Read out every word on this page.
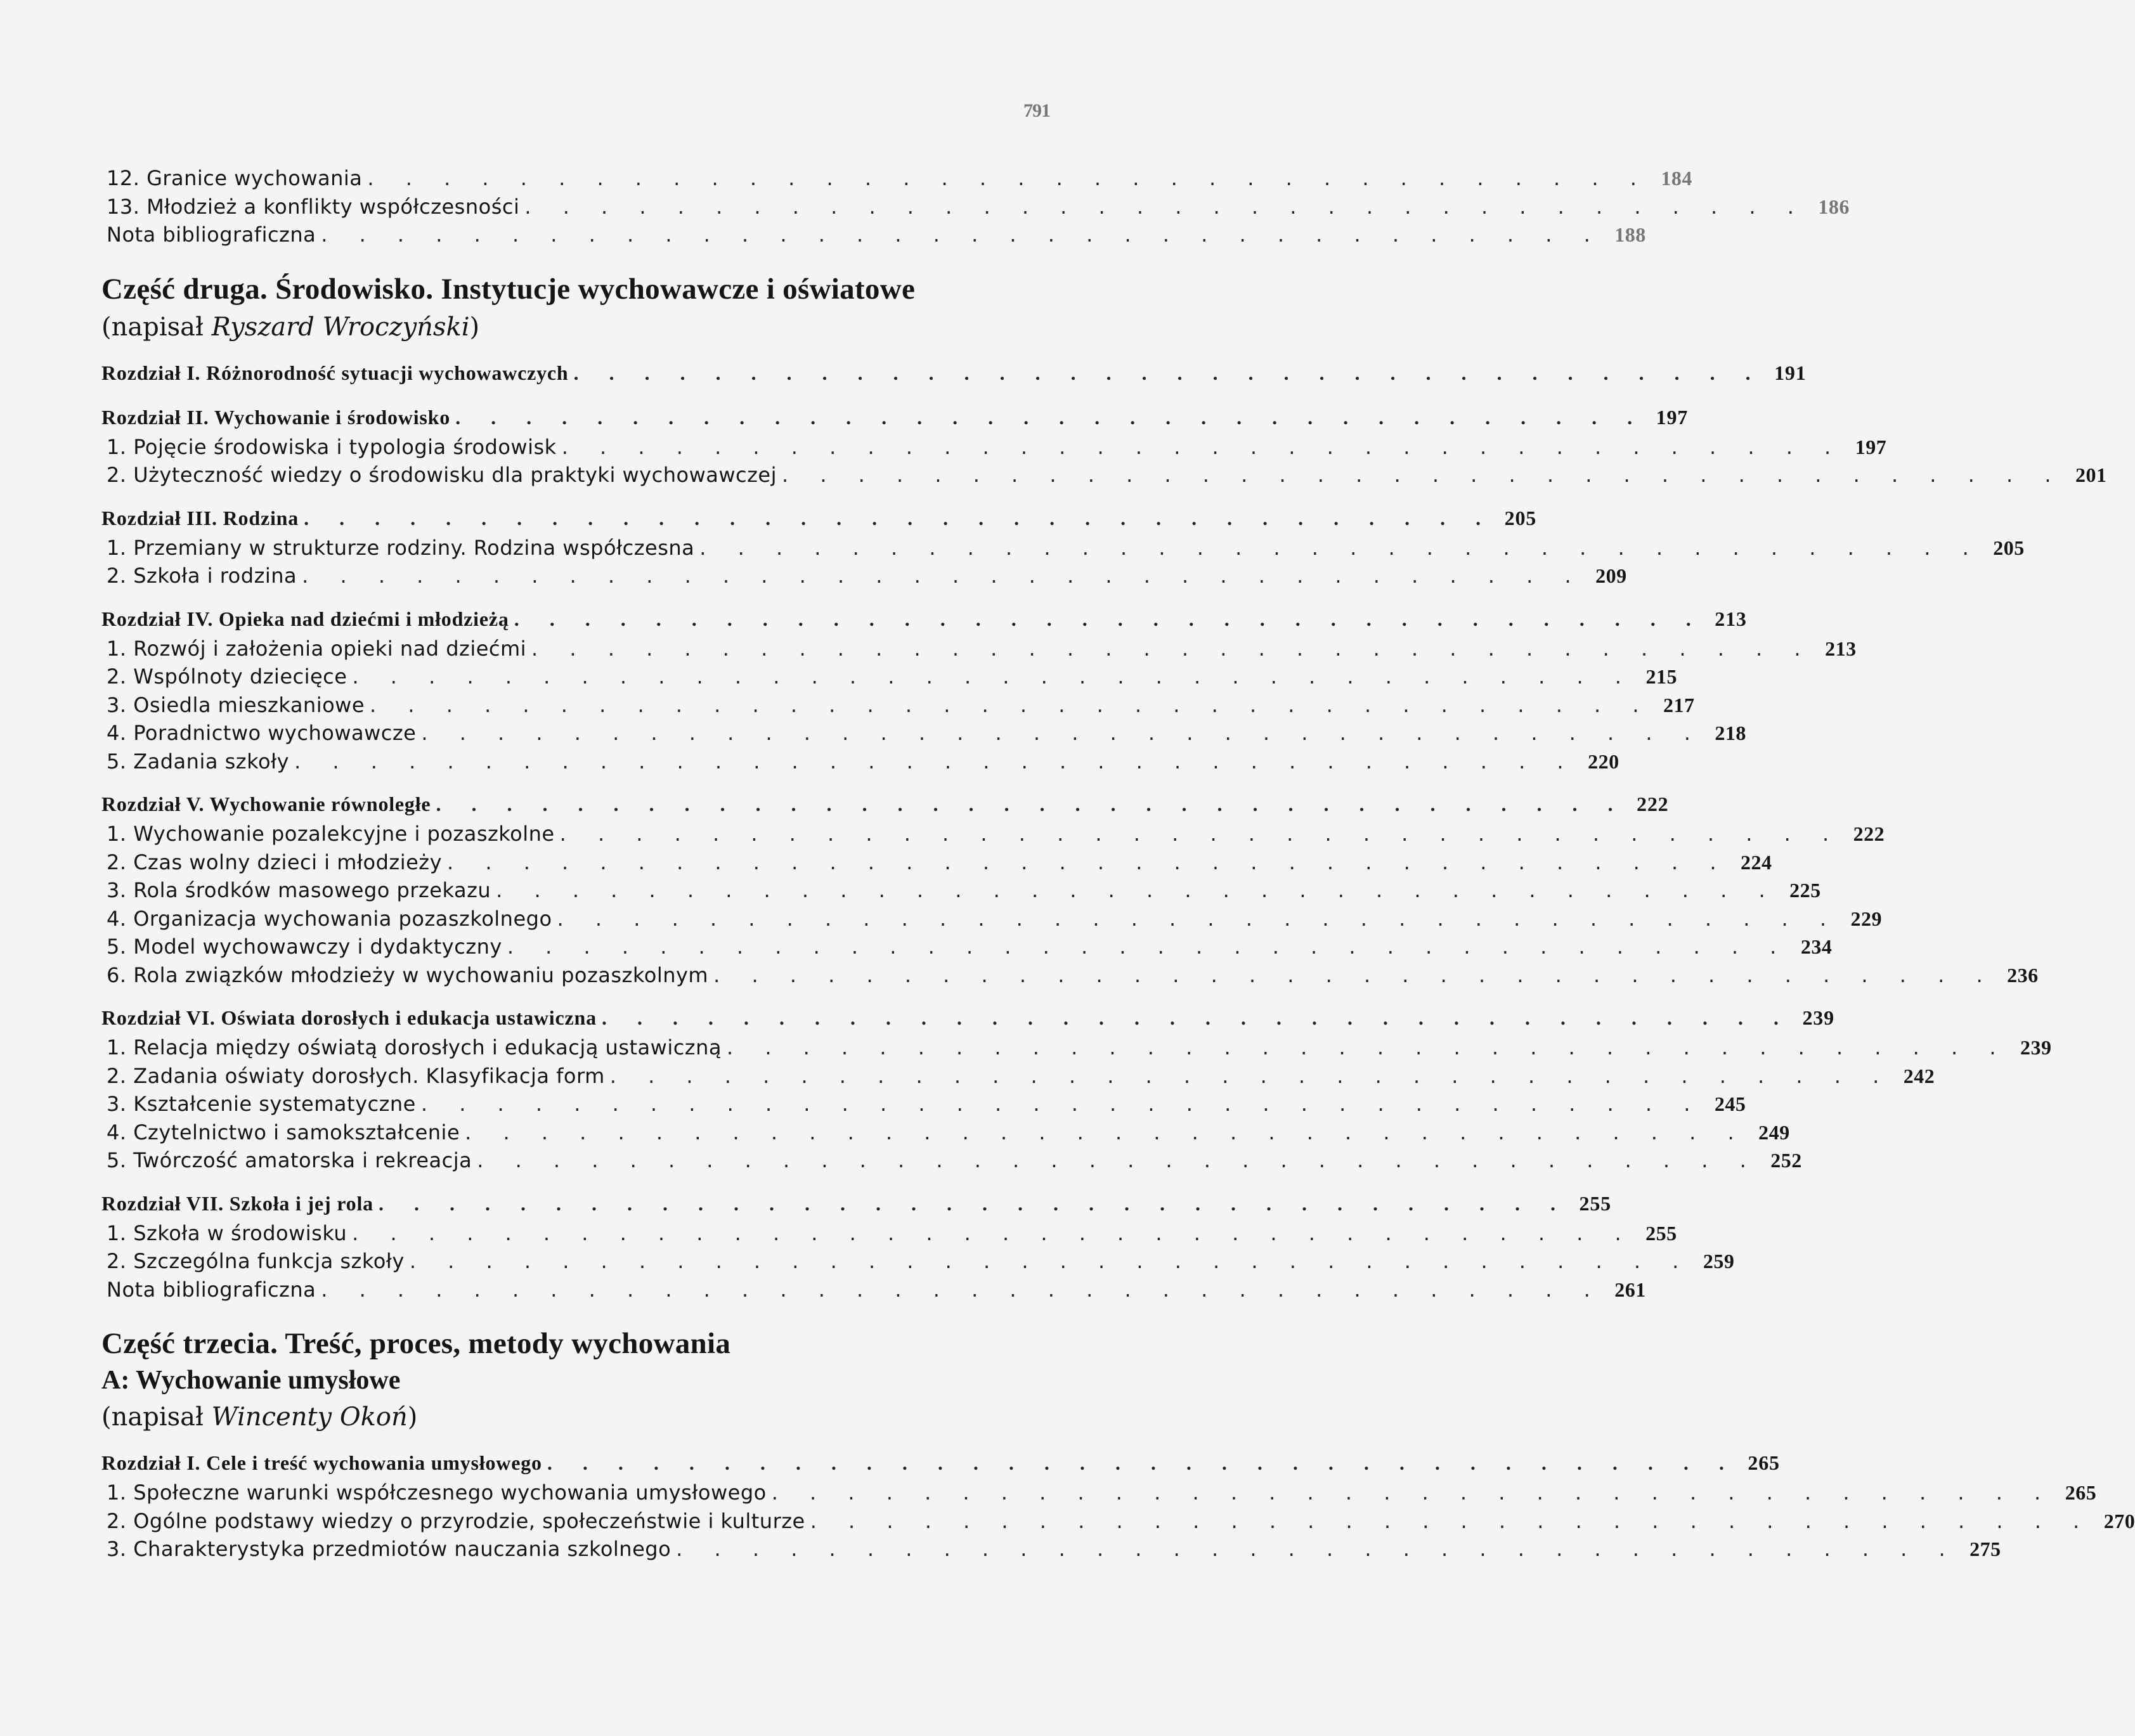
791
12. Granice wychowania . . . . . . . . . . . . . . . . . . . . . . . . . . . . . . . . . . 184
13. Młodzież a konflikty współczesności . . . . . . . . . . . . . . . . . . . . . . . . . . . . . . . . . . 186
Nota bibliograficzna . . . . . . . . . . . . . . . . . . . . . . . . . . . . . . . . . . 188
Część druga. Środowisko. Instytucje wychowawcze i oświatowe
(napisał Ryszard Wroczyński)
Rozdział I. Różnorodność sytuacji wychowawczych . . . . . . . . . . . . . . . . . . . . . . . . . . . . . . . . . . 191
Rozdział II. Wychowanie i środowisko . . . . . . . . . . . . . . . . . . . . . . . . . . . . . . . . . . 197
1. Pojęcie środowiska i typologia środowisk . . . . . . . . . . . . . . . . . . . . . . . . . . . . . . . . . . 197
2. Użyteczność wiedzy o środowisku dla praktyki wychowawczej . . . . . . . . . . . . . . . . . . . . . . . . . . . . . . . . . . 201
Rozdział III. Rodzina . . . . . . . . . . . . . . . . . . . . . . . . . . . . . . . . . . 205
1. Przemiany w strukturze rodziny. Rodzina współczesna . . . . . . . . . . . . . . . . . . . . . . . . . . . . . . . . . . 205
2. Szkoła i rodzina . . . . . . . . . . . . . . . . . . . . . . . . . . . . . . . . . . 209
Rozdział IV. Opieka nad dziećmi i młodzieżą . . . . . . . . . . . . . . . . . . . . . . . . . . . . . . . . . . 213
1. Rozwój i założenia opieki nad dziećmi . . . . . . . . . . . . . . . . . . . . . . . . . . . . . . . . . . 213
2. Wspólnoty dziecięce . . . . . . . . . . . . . . . . . . . . . . . . . . . . . . . . . . 215
3. Osiedla mieszkaniowe . . . . . . . . . . . . . . . . . . . . . . . . . . . . . . . . . . 217
4. Poradnictwo wychowawcze . . . . . . . . . . . . . . . . . . . . . . . . . . . . . . . . . . 218
5. Zadania szkoły . . . . . . . . . . . . . . . . . . . . . . . . . . . . . . . . . . 220
Rozdział V. Wychowanie równoległe . . . . . . . . . . . . . . . . . . . . . . . . . . . . . . . . . . 222
1. Wychowanie pozalekcyjne i pozaszkolne . . . . . . . . . . . . . . . . . . . . . . . . . . . . . . . . . . 222
2. Czas wolny dzieci i młodzieży . . . . . . . . . . . . . . . . . . . . . . . . . . . . . . . . . . 224
3. Rola środków masowego przekazu . . . . . . . . . . . . . . . . . . . . . . . . . . . . . . . . . . 225
4. Organizacja wychowania pozaszkolnego . . . . . . . . . . . . . . . . . . . . . . . . . . . . . . . . . . 229
5. Model wychowawczy i dydaktyczny . . . . . . . . . . . . . . . . . . . . . . . . . . . . . . . . . . 234
6. Rola związków młodzieży w wychowaniu pozaszkolnym . . . . . . . . . . . . . . . . . . . . . . . . . . . . . . . . . . 236
Rozdział VI. Oświata dorosłych i edukacja ustawiczna . . . . . . . . . . . . . . . . . . . . . . . . . . . . . . . . . . 239
1. Relacja między oświatą dorosłych i edukacją ustawiczną . . . . . . . . . . . . . . . . . . . . . . . . . . . . . . . . . . 239
2. Zadania oświaty dorosłych. Klasyfikacja form . . . . . . . . . . . . . . . . . . . . . . . . . . . . . . . . . . 242
3. Kształcenie systematyczne . . . . . . . . . . . . . . . . . . . . . . . . . . . . . . . . . . 245
4. Czytelnictwo i samokształcenie . . . . . . . . . . . . . . . . . . . . . . . . . . . . . . . . . . 249
5. Twórczość amatorska i rekreacja . . . . . . . . . . . . . . . . . . . . . . . . . . . . . . . . . . 252
Rozdział VII. Szkoła i jej rola . . . . . . . . . . . . . . . . . . . . . . . . . . . . . . . . . . 255
1. Szkoła w środowisku . . . . . . . . . . . . . . . . . . . . . . . . . . . . . . . . . . 255
2. Szczególna funkcja szkoły . . . . . . . . . . . . . . . . . . . . . . . . . . . . . . . . . . 259
Nota bibliograficzna . . . . . . . . . . . . . . . . . . . . . . . . . . . . . . . . . . 261
Część trzecia. Treść, proces, metody wychowania
A: Wychowanie umysłowe
(napisał Wincenty Okoń)
Rozdział I. Cele i treść wychowania umysłowego . . . . . . . . . . . . . . . . . . . . . . . . . . . . . . . . . . 265
1. Społeczne warunki współczesnego wychowania umysłowego . . . . . . . . . . . . . . . . . . . . . . . . . . . . . . . . . . 265
2. Ogólne podstawy wiedzy o przyrodzie, społeczeństwie i kulturze . . . . . . . . . . . . . . . . . . . . . . . . . . . . . . . . . . 270
3. Charakterystyka przedmiotów nauczania szkolnego . . . . . . . . . . . . . . . . . . . . . . . . . . . . . . . . . . 275
